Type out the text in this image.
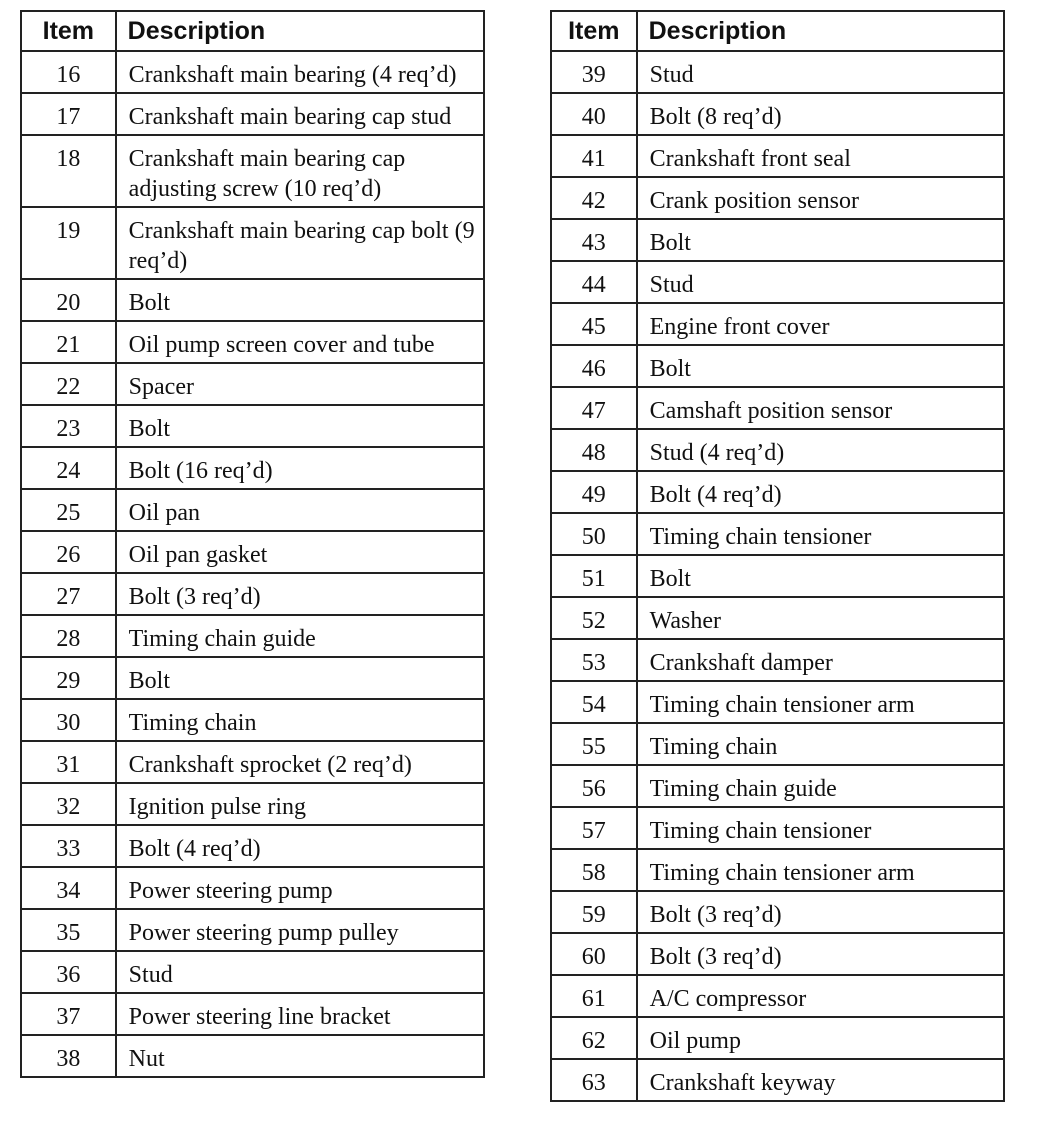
Item	Description
16	Crankshaft main bearing (4 req’d)
17	Crankshaft main bearing cap stud
18	Crankshaft main bearing cap adjusting screw (10 req’d)
19	Crankshaft main bearing cap bolt (9 req’d)
20	Bolt
21	Oil pump screen cover and tube
22	Spacer
23	Bolt
24	Bolt (16 req’d)
25	Oil pan
26	Oil pan gasket
27	Bolt (3 req’d)
28	Timing chain guide
29	Bolt
30	Timing chain
31	Crankshaft sprocket (2 req’d)
32	Ignition pulse ring
33	Bolt (4 req’d)
34	Power steering pump
35	Power steering pump pulley
36	Stud
37	Power steering line bracket
38	Nut
Item	Description
39	Stud
40	Bolt (8 req’d)
41	Crankshaft front seal
42	Crank position sensor
43	Bolt
44	Stud
45	Engine front cover
46	Bolt
47	Camshaft position sensor
48	Stud (4 req’d)
49	Bolt (4 req’d)
50	Timing chain tensioner
51	Bolt
52	Washer
53	Crankshaft damper
54	Timing chain tensioner arm
55	Timing chain
56	Timing chain guide
57	Timing chain tensioner
58	Timing chain tensioner arm
59	Bolt (3 req’d)
60	Bolt (3 req’d)
61	A/C compressor
62	Oil pump
63	Crankshaft keyway
